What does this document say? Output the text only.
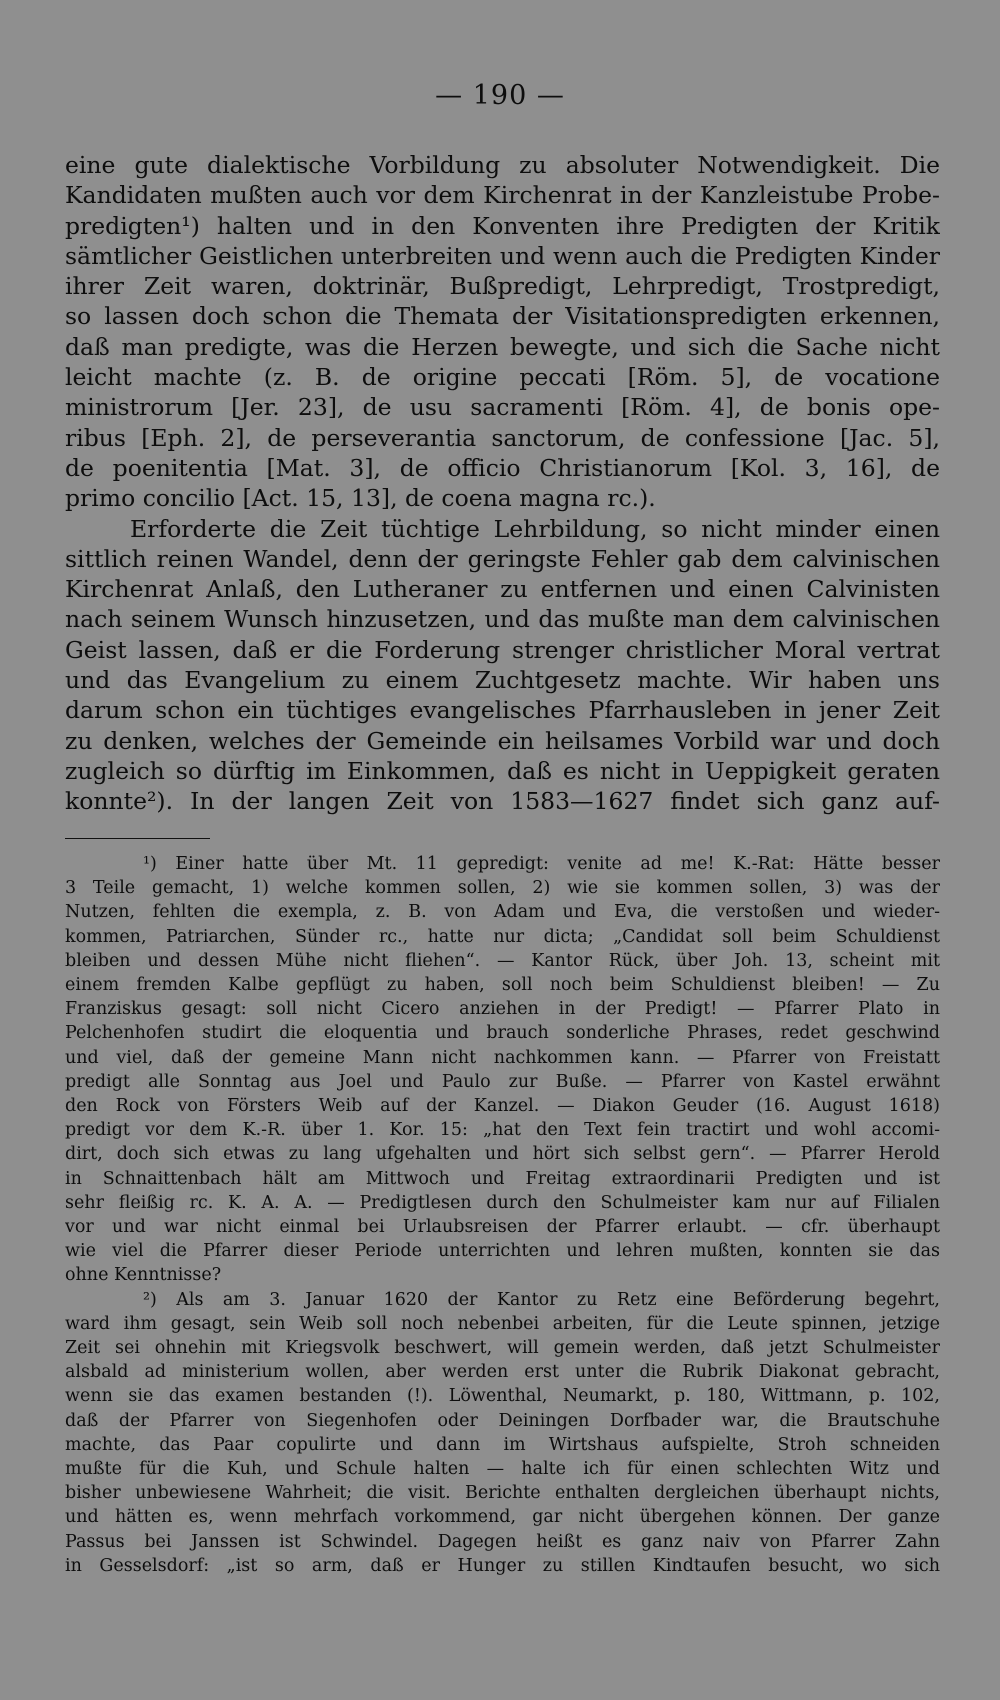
— 190 —
eine gute dialektische Vorbildung zu absoluter Notwendigkeit. Die
Kandidaten mußten auch vor dem Kirchenrat in der Kanzleistube Probe-
predigten¹) halten und in den Konventen ihre Predigten der Kritik
sämtlicher Geistlichen unterbreiten und wenn auch die Predigten Kinder
ihrer Zeit waren, doktrinär, Bußpredigt, Lehrpredigt, Trostpredigt,
so lassen doch schon die Themata der Visitationspredigten erkennen,
daß man predigte, was die Herzen bewegte, und sich die Sache nicht
leicht machte (z. B. de origine peccati [Röm. 5], de vocatione
ministrorum [Jer. 23], de usu sacramenti [Röm. 4], de bonis ope-
ribus [Eph. 2], de perseverantia sanctorum, de confessione [Jac. 5],
de poenitentia [Mat. 3], de officio Christianorum [Kol. 3, 16], de
primo concilio [Act. 15, 13], de coena magna rc.).
Erforderte die Zeit tüchtige Lehrbildung, so nicht minder einen
sittlich reinen Wandel, denn der geringste Fehler gab dem calvinischen
Kirchenrat Anlaß, den Lutheraner zu entfernen und einen Calvinisten
nach seinem Wunsch hinzusetzen, und das mußte man dem calvinischen
Geist lassen, daß er die Forderung strenger christlicher Moral vertrat
und das Evangelium zu einem Zuchtgesetz machte. Wir haben uns
darum schon ein tüchtiges evangelisches Pfarrhausleben in jener Zeit
zu denken, welches der Gemeinde ein heilsames Vorbild war und doch
zugleich so dürftig im Einkommen, daß es nicht in Ueppigkeit geraten
konnte²). In der langen Zeit von 1583—1627 findet sich ganz auf-
¹) Einer hatte über Mt. 11 gepredigt: venite ad me! K.-Rat: Hätte besser
3 Teile gemacht, 1) welche kommen sollen, 2) wie sie kommen sollen, 3) was der
Nutzen, fehlten die exempla, z. B. von Adam und Eva, die verstoßen und wieder-
kommen, Patriarchen, Sünder rc., hatte nur dicta; „Candidat soll beim Schuldienst
bleiben und dessen Mühe nicht fliehen“. — Kantor Rück, über Joh. 13, scheint mit
einem fremden Kalbe gepflügt zu haben, soll noch beim Schuldienst bleiben! — Zu
Franziskus gesagt: soll nicht Cicero anziehen in der Predigt! — Pfarrer Plato in
Pelchenhofen studirt die eloquentia und brauch sonderliche Phrases, redet geschwind
und viel, daß der gemeine Mann nicht nachkommen kann. — Pfarrer von Freistatt
predigt alle Sonntag aus Joel und Paulo zur Buße. — Pfarrer von Kastel erwähnt
den Rock von Försters Weib auf der Kanzel. — Diakon Geuder (16. August 1618)
predigt vor dem K.-R. über 1. Kor. 15: „hat den Text fein tractirt und wohl accomi-
dirt, doch sich etwas zu lang ufgehalten und hört sich selbst gern“. — Pfarrer Herold
in Schnaittenbach hält am Mittwoch und Freitag extraordinarii Predigten und ist
sehr fleißig rc. K. A. A. — Predigtlesen durch den Schulmeister kam nur auf Filialen
vor und war nicht einmal bei Urlaubsreisen der Pfarrer erlaubt. — cfr. überhaupt
wie viel die Pfarrer dieser Periode unterrichten und lehren mußten, konnten sie das
ohne Kenntnisse?
²) Als am 3. Januar 1620 der Kantor zu Retz eine Beförderung begehrt,
ward ihm gesagt, sein Weib soll noch nebenbei arbeiten, für die Leute spinnen, jetzige
Zeit sei ohnehin mit Kriegsvolk beschwert, will gemein werden, daß jetzt Schulmeister
alsbald ad ministerium wollen, aber werden erst unter die Rubrik Diakonat gebracht,
wenn sie das examen bestanden (!). Löwenthal, Neumarkt, p. 180, Wittmann, p. 102,
daß der Pfarrer von Siegenhofen oder Deiningen Dorfbader war, die Brautschuhe
machte, das Paar copulirte und dann im Wirtshaus aufspielte, Stroh schneiden
mußte für die Kuh, und Schule halten — halte ich für einen schlechten Witz und
bisher unbewiesene Wahrheit; die visit. Berichte enthalten dergleichen überhaupt nichts,
und hätten es, wenn mehrfach vorkommend, gar nicht übergehen können. Der ganze
Passus bei Janssen ist Schwindel. Dagegen heißt es ganz naiv von Pfarrer Zahn
in Gesselsdorf: „ist so arm, daß er Hunger zu stillen Kindtaufen besucht, wo sich
